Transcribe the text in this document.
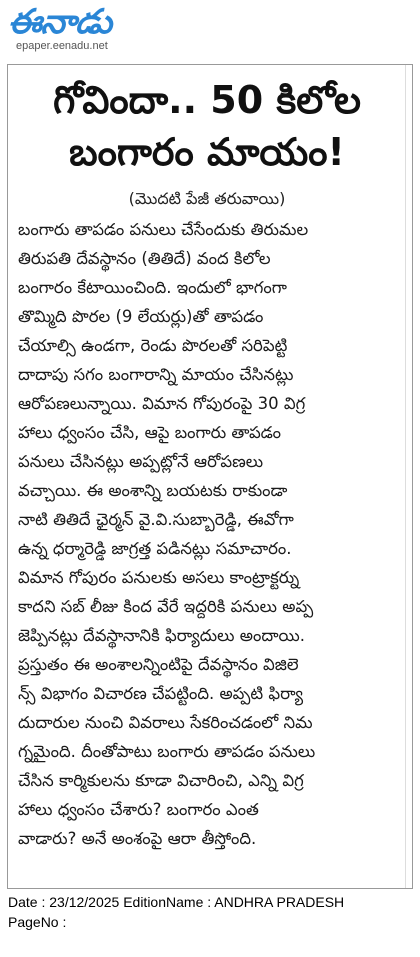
ఈనాడు
epaper.eenadu.net
గోవిందా.. 50 కిలోల
బంగారం మాయం!
(మొదటి పేజీ తరువాయి)
బంగారు తాపడం పనులు చేసేందుకు తిరుమల
తిరుపతి దేవస్థానం (తితిదే) వంద కిలోల
బంగారం కేటాయించింది. ఇందులో భాగంగా
తొమ్మిది పొరల (9 లేయర్లు)తో తాపడం
చేయాల్సి ఉండగా, రెండు పొరలతో సరిపెట్టి
దాదాపు సగం బంగారాన్ని మాయం చేసినట్లు
ఆరోపణలున్నాయి. విమాన గోపురంపై 30 విగ్ర
హాలు ధ్వంసం చేసి, ఆపై బంగారు తాపడం
పనులు చేసినట్లు అప్పట్లోనే ఆరోపణలు
వచ్చాయి. ఈ అంశాన్ని బయటకు రాకుండా
నాటి తితిదే ఛైర్మన్ వై.వి.సుబ్బారెడ్డి, ఈవోగా
ఉన్న ధర్మారెడ్డి జాగ్రత్త పడినట్లు సమాచారం.
విమాన గోపురం పనులకు అసలు కాంట్రాక్టర్ను
కాదని సబ్ లీజు కింద వేరే ఇద్దరికి పనులు అప్ప
జెప్పినట్లు దేవస్థానానికి ఫిర్యాదులు అందాయి.
ప్రస్తుతం ఈ అంశాలన్నింటిపై దేవస్థానం విజిలె
న్స్ విభాగం విచారణ చేపట్టింది. అప్పటి ఫిర్యా
దుదారుల నుంచి వివరాలు సేకరించడంలో నిమ
గ్నమైంది. దీంతోపాటు బంగారు తాపడం పనులు
చేసిన కార్మికులను కూడా విచారించి, ఎన్ని విగ్ర
హాలు ధ్వంసం చేశారు? బంగారం ఎంత
వాడారు? అనే అంశంపై ఆరా తీస్తోంది.
Date : 23/12/2025 EditionName : ANDHRA PRADESH
PageNo :
